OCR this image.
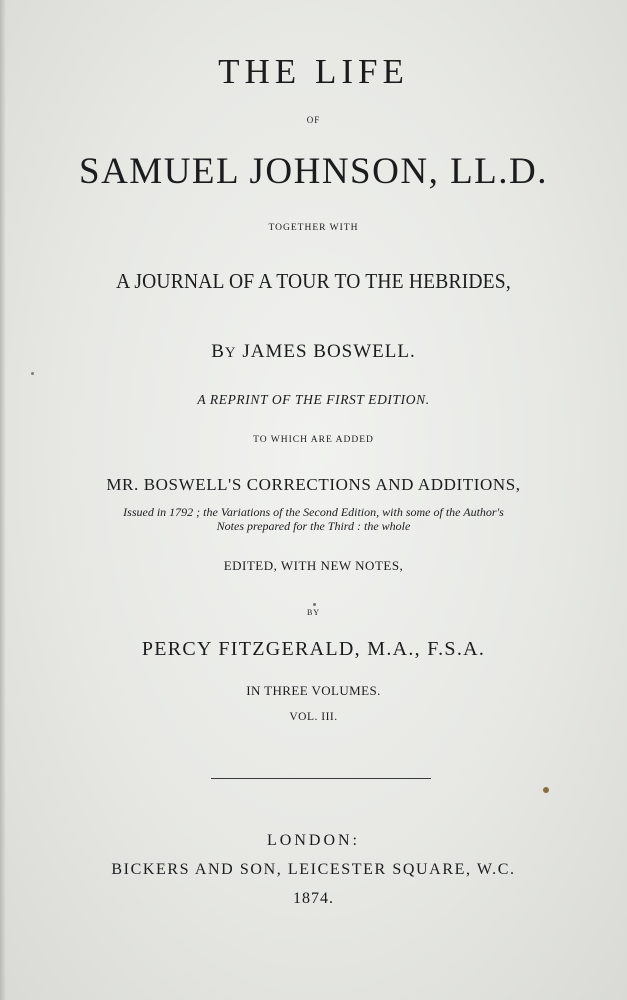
THE LIFE
OF
SAMUEL JOHNSON, LL.D.
TOGETHER WITH
A JOURNAL OF A TOUR TO THE HEBRIDES,
BY JAMES BOSWELL.
A REPRINT OF THE FIRST EDITION.
TO WHICH ARE ADDED
MR. BOSWELL'S CORRECTIONS AND ADDITIONS,
Issued in 1792 ; the Variations of the Second Edition, with some of the Author's
Notes prepared for the Third : the whole
EDITED, WITH NEW NOTES,
BY
PERCY FITZGERALD, M.A., F.S.A.
IN THREE VOLUMES.
VOL. III.
LONDON:
BICKERS AND SON, LEICESTER SQUARE, W.C.
1874.
